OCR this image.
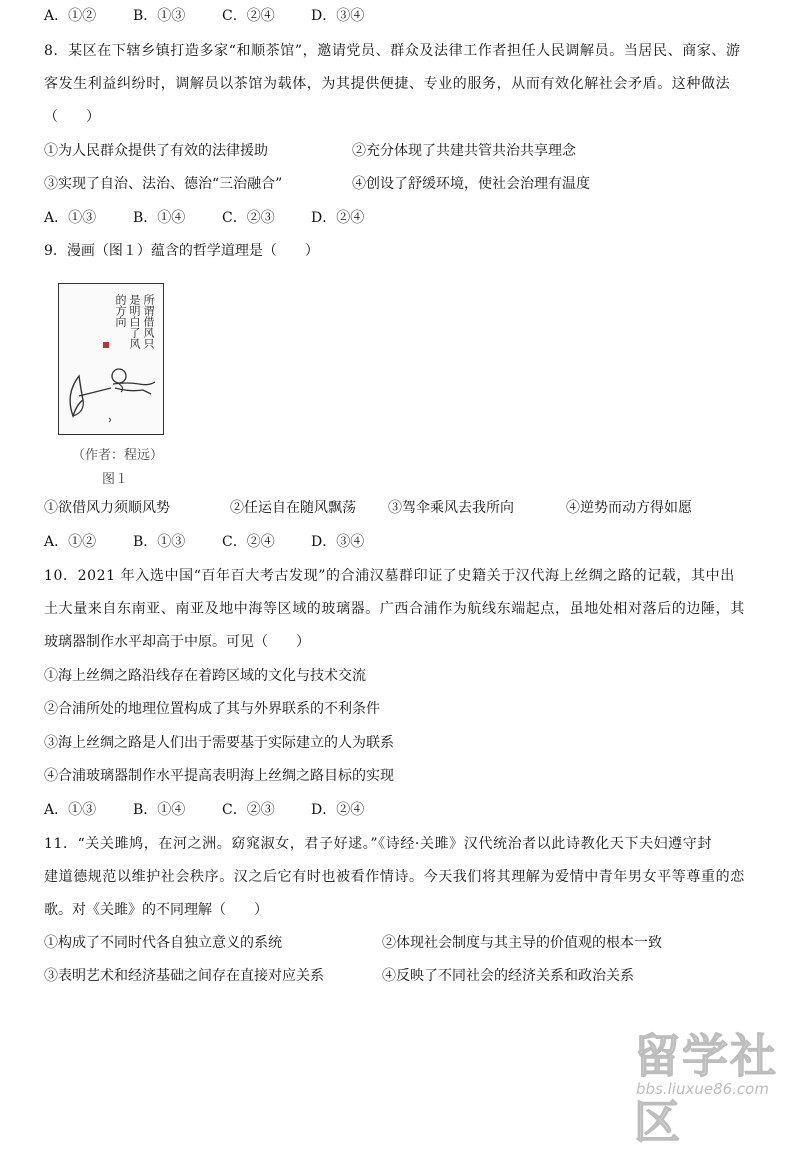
A．①②	B．①③	C．②④	D．③④
8．某区在下辖乡镇打造多家“和顺茶馆”，邀请党员、群众及法律工作者担任人民调解员。当居民、商家、游
客发生利益纠纷时，调解员以茶馆为载体，为其提供便捷、专业的服务，从而有效化解社会矛盾。这种做法
（　　）
①为人民群众提供了有效的法律援助	②充分体现了共建共管共治共享理念
③实现了自治、法治、德治“三治融合”	④创设了舒缓环境，使社会治理有温度
A．①③	B．①④	C．②③	D．②④
9．漫画（图１）蕴含的哲学道理是（　　）
所谓借风只是明白了风的方向
（作者：程远）
图１
①欲借风力须顺风势	②任运自在随风飘荡 ③驾伞乘风去我所向	④逆势而动方得如愿
A．①②	B．①③	C．②④	D．③④
10．2021 年入选中国“百年百大考古发现”的合浦汉墓群印证了史籍关于汉代海上丝绸之路的记载，其中出
土大量来自东南亚、南亚及地中海等区域的玻璃器。广西合浦作为航线东端起点，虽地处相对落后的边陲，其
玻璃器制作水平却高于中原。可见（　　）
①海上丝绸之路沿线存在着跨区域的文化与技术交流
②合浦所处的地理位置构成了其与外界联系的不利条件
③海上丝绸之路是人们出于需要基于实际建立的人为联系
④合浦玻璃器制作水平提高表明海上丝绸之路目标的实现
A．①③	B．①④	C．②③	D．②④
11．“关关雎鸠，在河之洲。窈窕淑女，君子好逑。”《诗经·关雎》汉代统治者以此诗教化天下夫妇遵守封
建道德规范以维护社会秩序。汉之后它有时也被看作情诗。今天我们将其理解为爱情中青年男女平等尊重的恋
歌。对《关雎》的不同理解（　　）
①构成了不同时代各自独立意义的系统	②体现社会制度与其主导的价值观的根本一致
③表明艺术和经济基础之间存在直接对应关系	④反映了不同社会的经济关系和政治关系
留学社区
bbs.liuxue86.com
